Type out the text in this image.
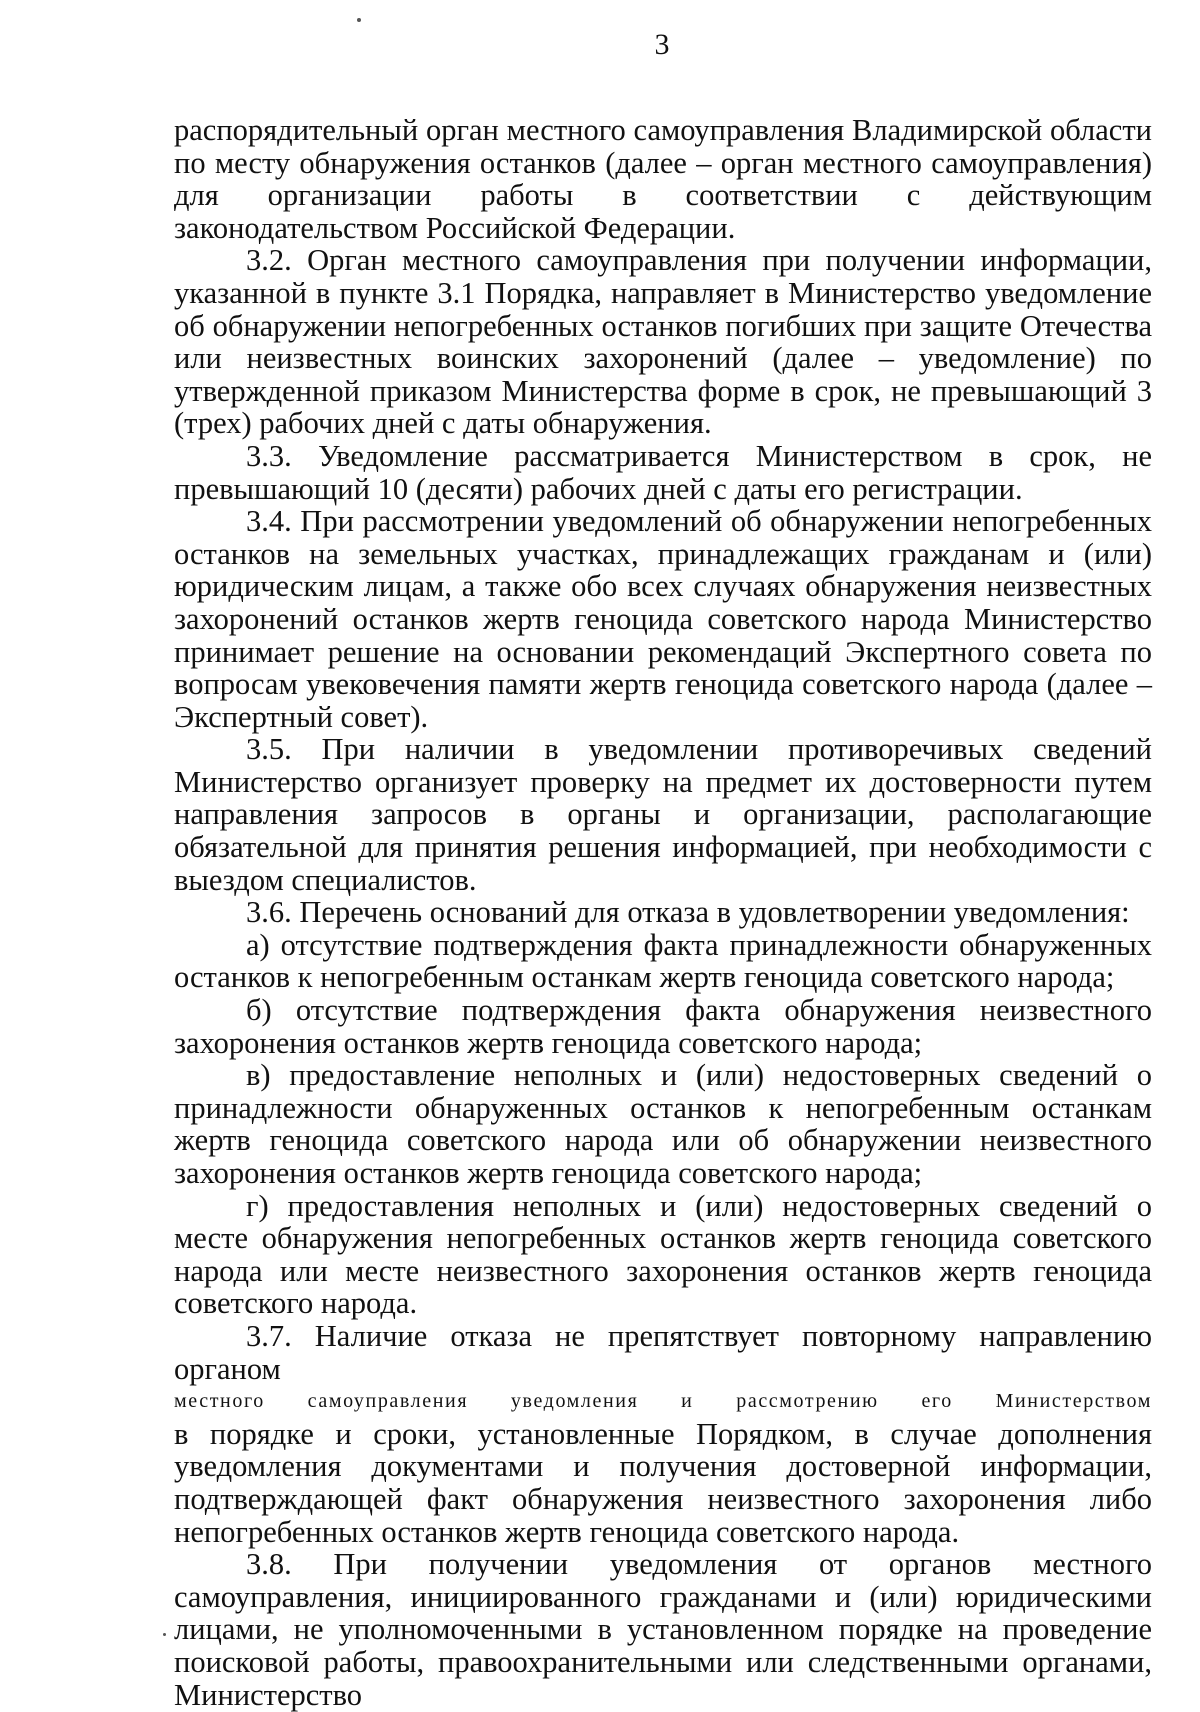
3

распорядительный орган местного самоуправления Владимирской области по месту обнаружения останков (далее – орган местного самоуправления) для организации работы в соответствии с действующим законодательством Российской Федерации.

3.2. Орган местного самоуправления при получении информации, указанной в пункте 3.1 Порядка, направляет в Министерство уведомление об обнаружении непогребенных останков погибших при защите Отечества или неизвестных воинских захоронений (далее – уведомление) по утвержденной приказом Министерства форме в срок, не превышающий 3 (трех) рабочих дней с даты обнаружения.

3.3. Уведомление рассматривается Министерством в срок, не превышающий 10 (десяти) рабочих дней с даты его регистрации.

3.4. При рассмотрении уведомлений об обнаружении непогребенных останков на земельных участках, принадлежащих гражданам и (или) юридическим лицам, а также обо всех случаях обнаружения неизвестных захоронений останков жертв геноцида советского народа Министерство принимает решение на основании рекомендаций Экспертного совета по вопросам увековечения памяти жертв геноцида советского народа (далее – Экспертный совет).

3.5. При наличии в уведомлении противоречивых сведений Министерство организует проверку на предмет их достоверности путем направления запросов в органы и организации, располагающие обязательной для принятия решения информацией, при необходимости с выездом специалистов.

3.6. Перечень оснований для отказа в удовлетворении уведомления:

а) отсутствие подтверждения факта принадлежности обнаруженных останков к непогребенным останкам жертв геноцида советского народа;

б) отсутствие подтверждения факта обнаружения неизвестного захоронения останков жертв геноцида советского народа;

в) предоставление неполных и (или) недостоверных сведений о принадлежности обнаруженных останков к непогребенным останкам жертв геноцида советского народа или об обнаружении неизвестного захоронения останков жертв геноцида советского народа;

г) предоставления неполных и (или) недостоверных сведений о месте обнаружения непогребенных останков жертв геноцида советского народа или месте неизвестного захоронения останков жертв геноцида советского народа.

3.7. Наличие отказа не препятствует повторному направлению органом

местного самоуправления уведомления и рассмотрению его Министерством

в порядке и сроки, установленные Порядком, в случае дополнения уведомления документами и получения достоверной информации, подтверждающей факт обнаружения неизвестного захоронения либо непогребенных останков жертв геноцида советского народа.

3.8. При получении уведомления от органов местного самоуправления, инициированного гражданами и (или) юридическими лицами, не уполномоченными в установленном порядке на проведение поисковой работы, правоохранительными или следственными органами, Министерство
